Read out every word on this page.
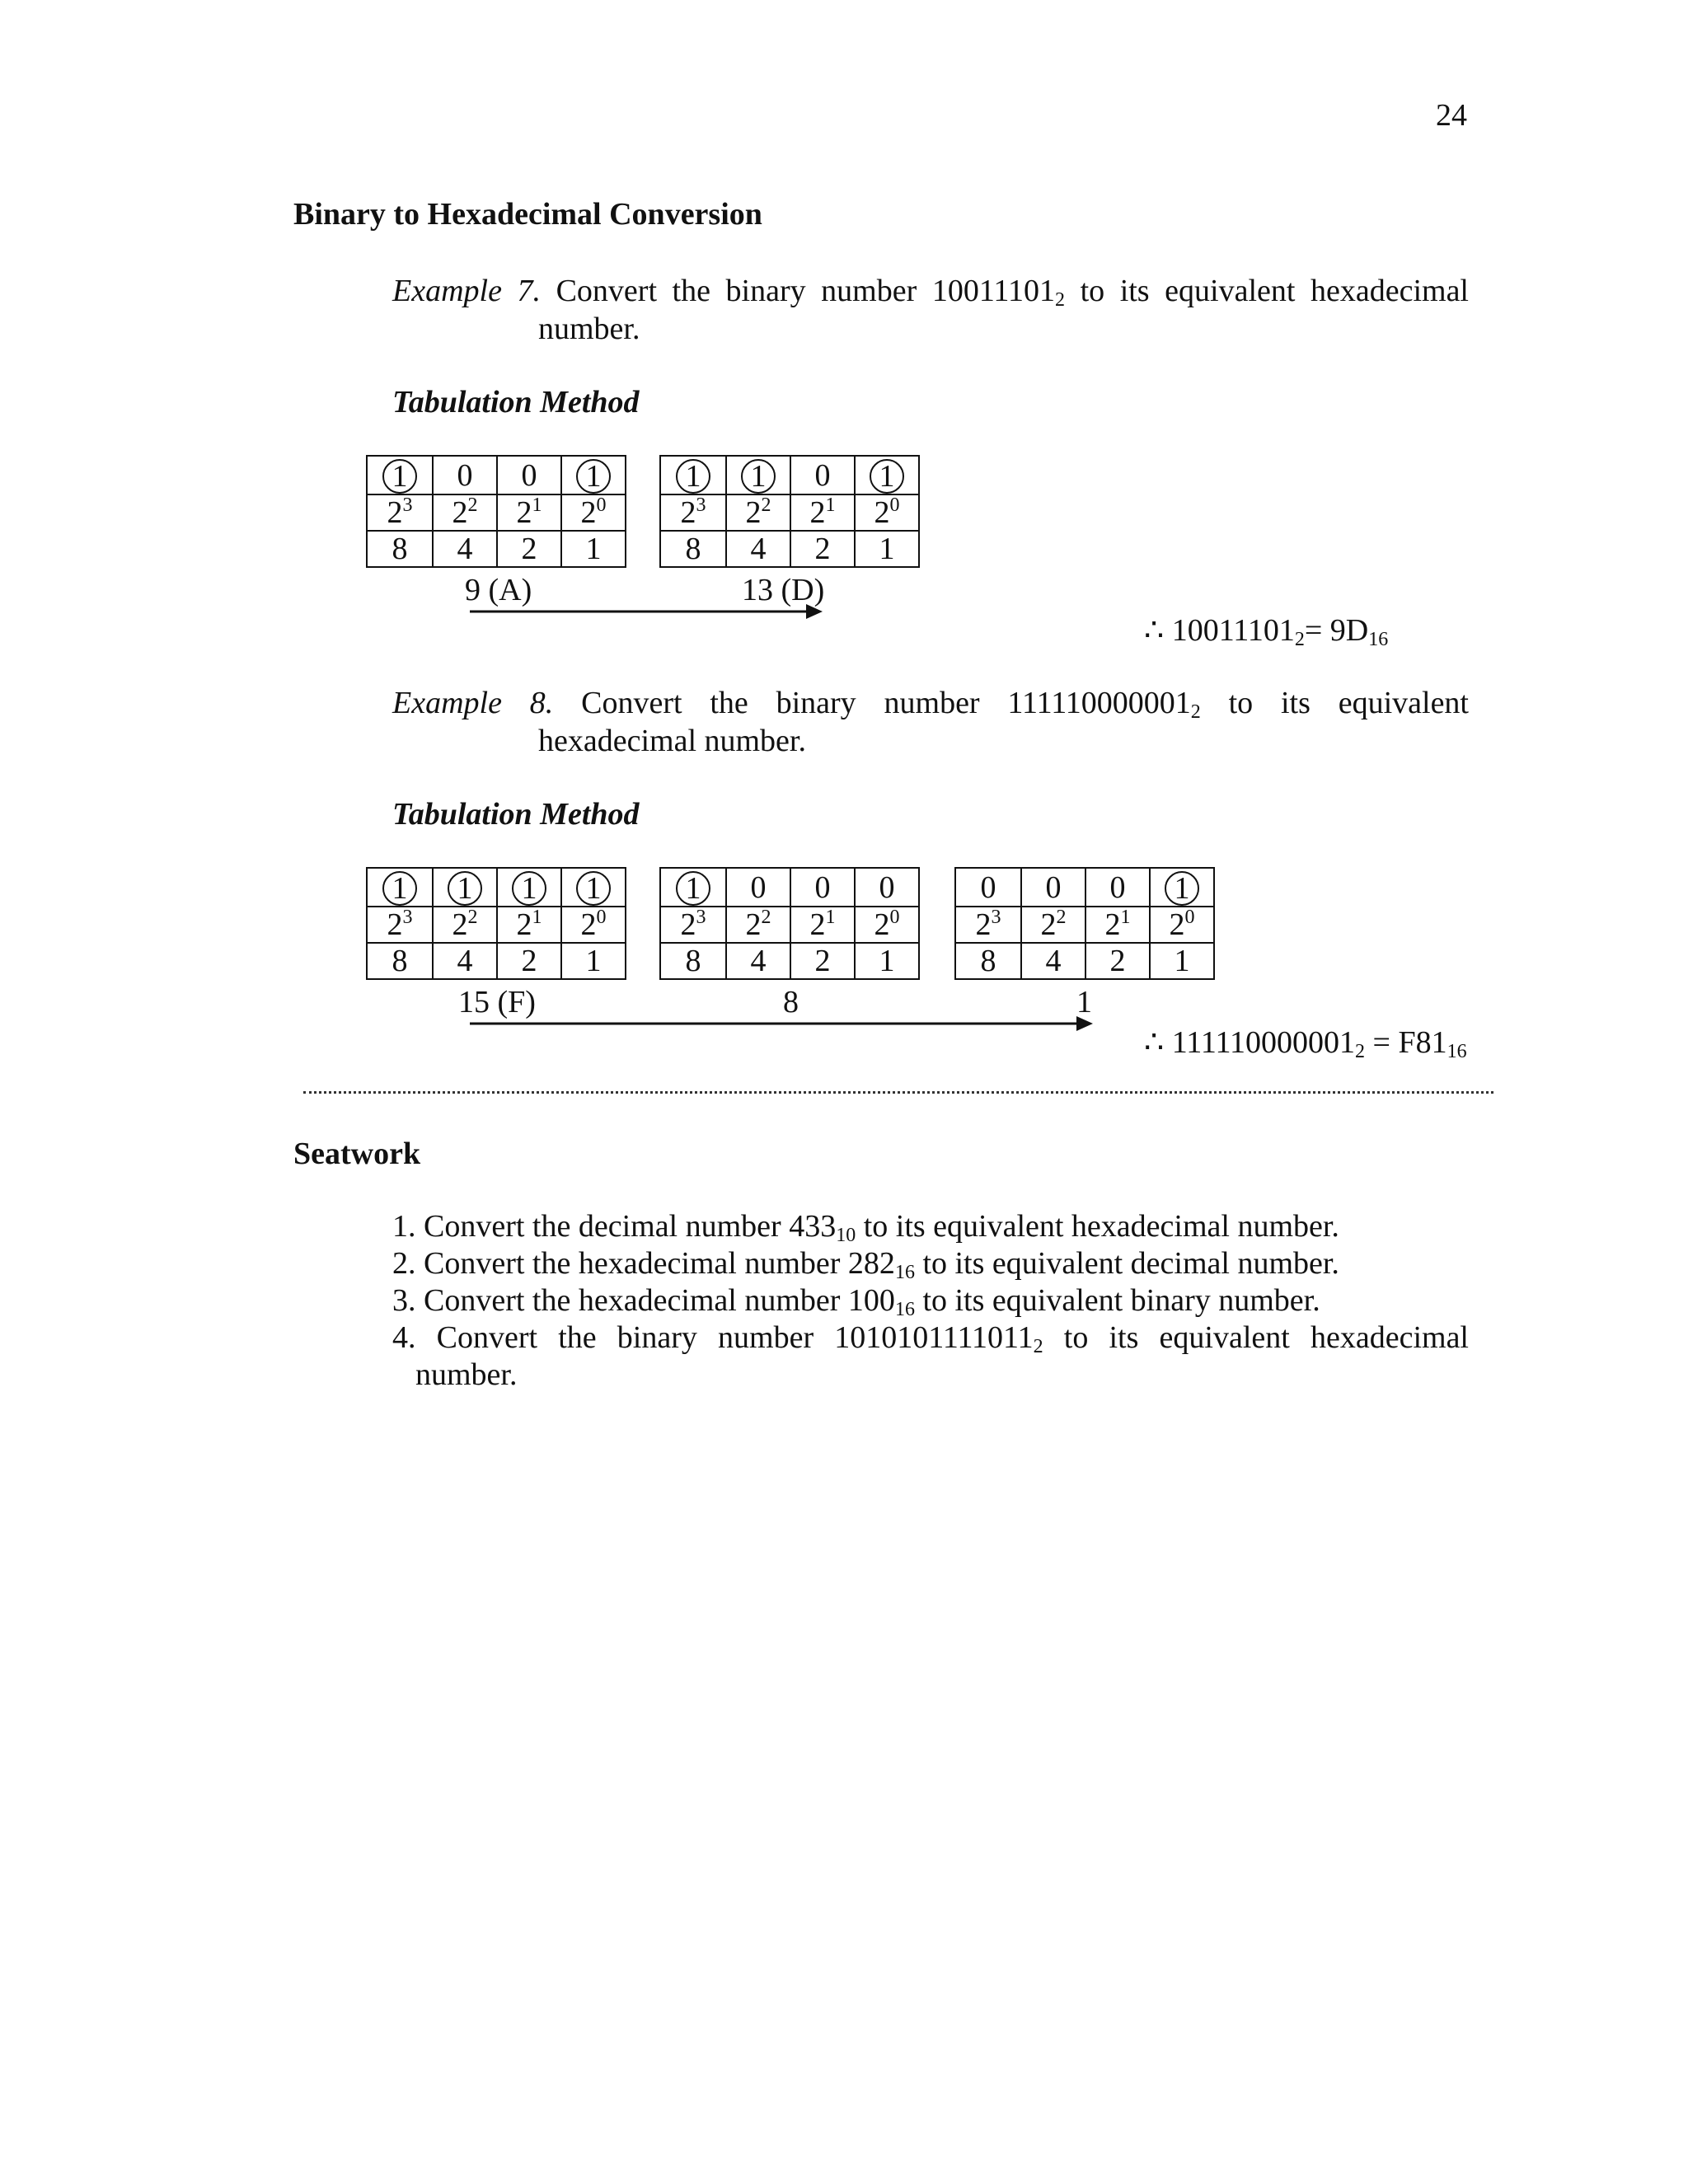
24
Binary to Hexadecimal Conversion
Example 7. Convert the binary number $10011101_2$ to its equivalent hexadecimal
number.
Tabulation Method
1	0	0	1
$2^3$	$2^2$	$2^1$	$2^0$
8	4	2	1
9 (A)
1	1	0	1
$2^3$	$2^2$	$2^1$	$2^0$
8	4	2	1
13 (D)
∴ $10011101_2= 9D_{16}$
Example 8. Convert the binary number $111110000001_2$ to its equivalent
hexadecimal number.
Tabulation Method
1	1	1	1
$2^3$	$2^2$	$2^1$	$2^0$
8	4	2	1
15 (F)
1	0	0	0
$2^3$	$2^2$	$2^1$	$2^0$
8	4	2	1
8
0	0	0	1
$2^3$	$2^2$	$2^1$	$2^0$
8	4	2	1
1
∴ $111110000001_2 = F81_{16}$
Seatwork
1. Convert the decimal number $433_{10}$ to its equivalent hexadecimal number.
2. Convert the hexadecimal number $282_{16}$ to its equivalent decimal number.
3. Convert the hexadecimal number $100_{16}$ to its equivalent binary number.
4. Convert the binary number $1010101111011_2$ to its equivalent hexadecimal
number.
